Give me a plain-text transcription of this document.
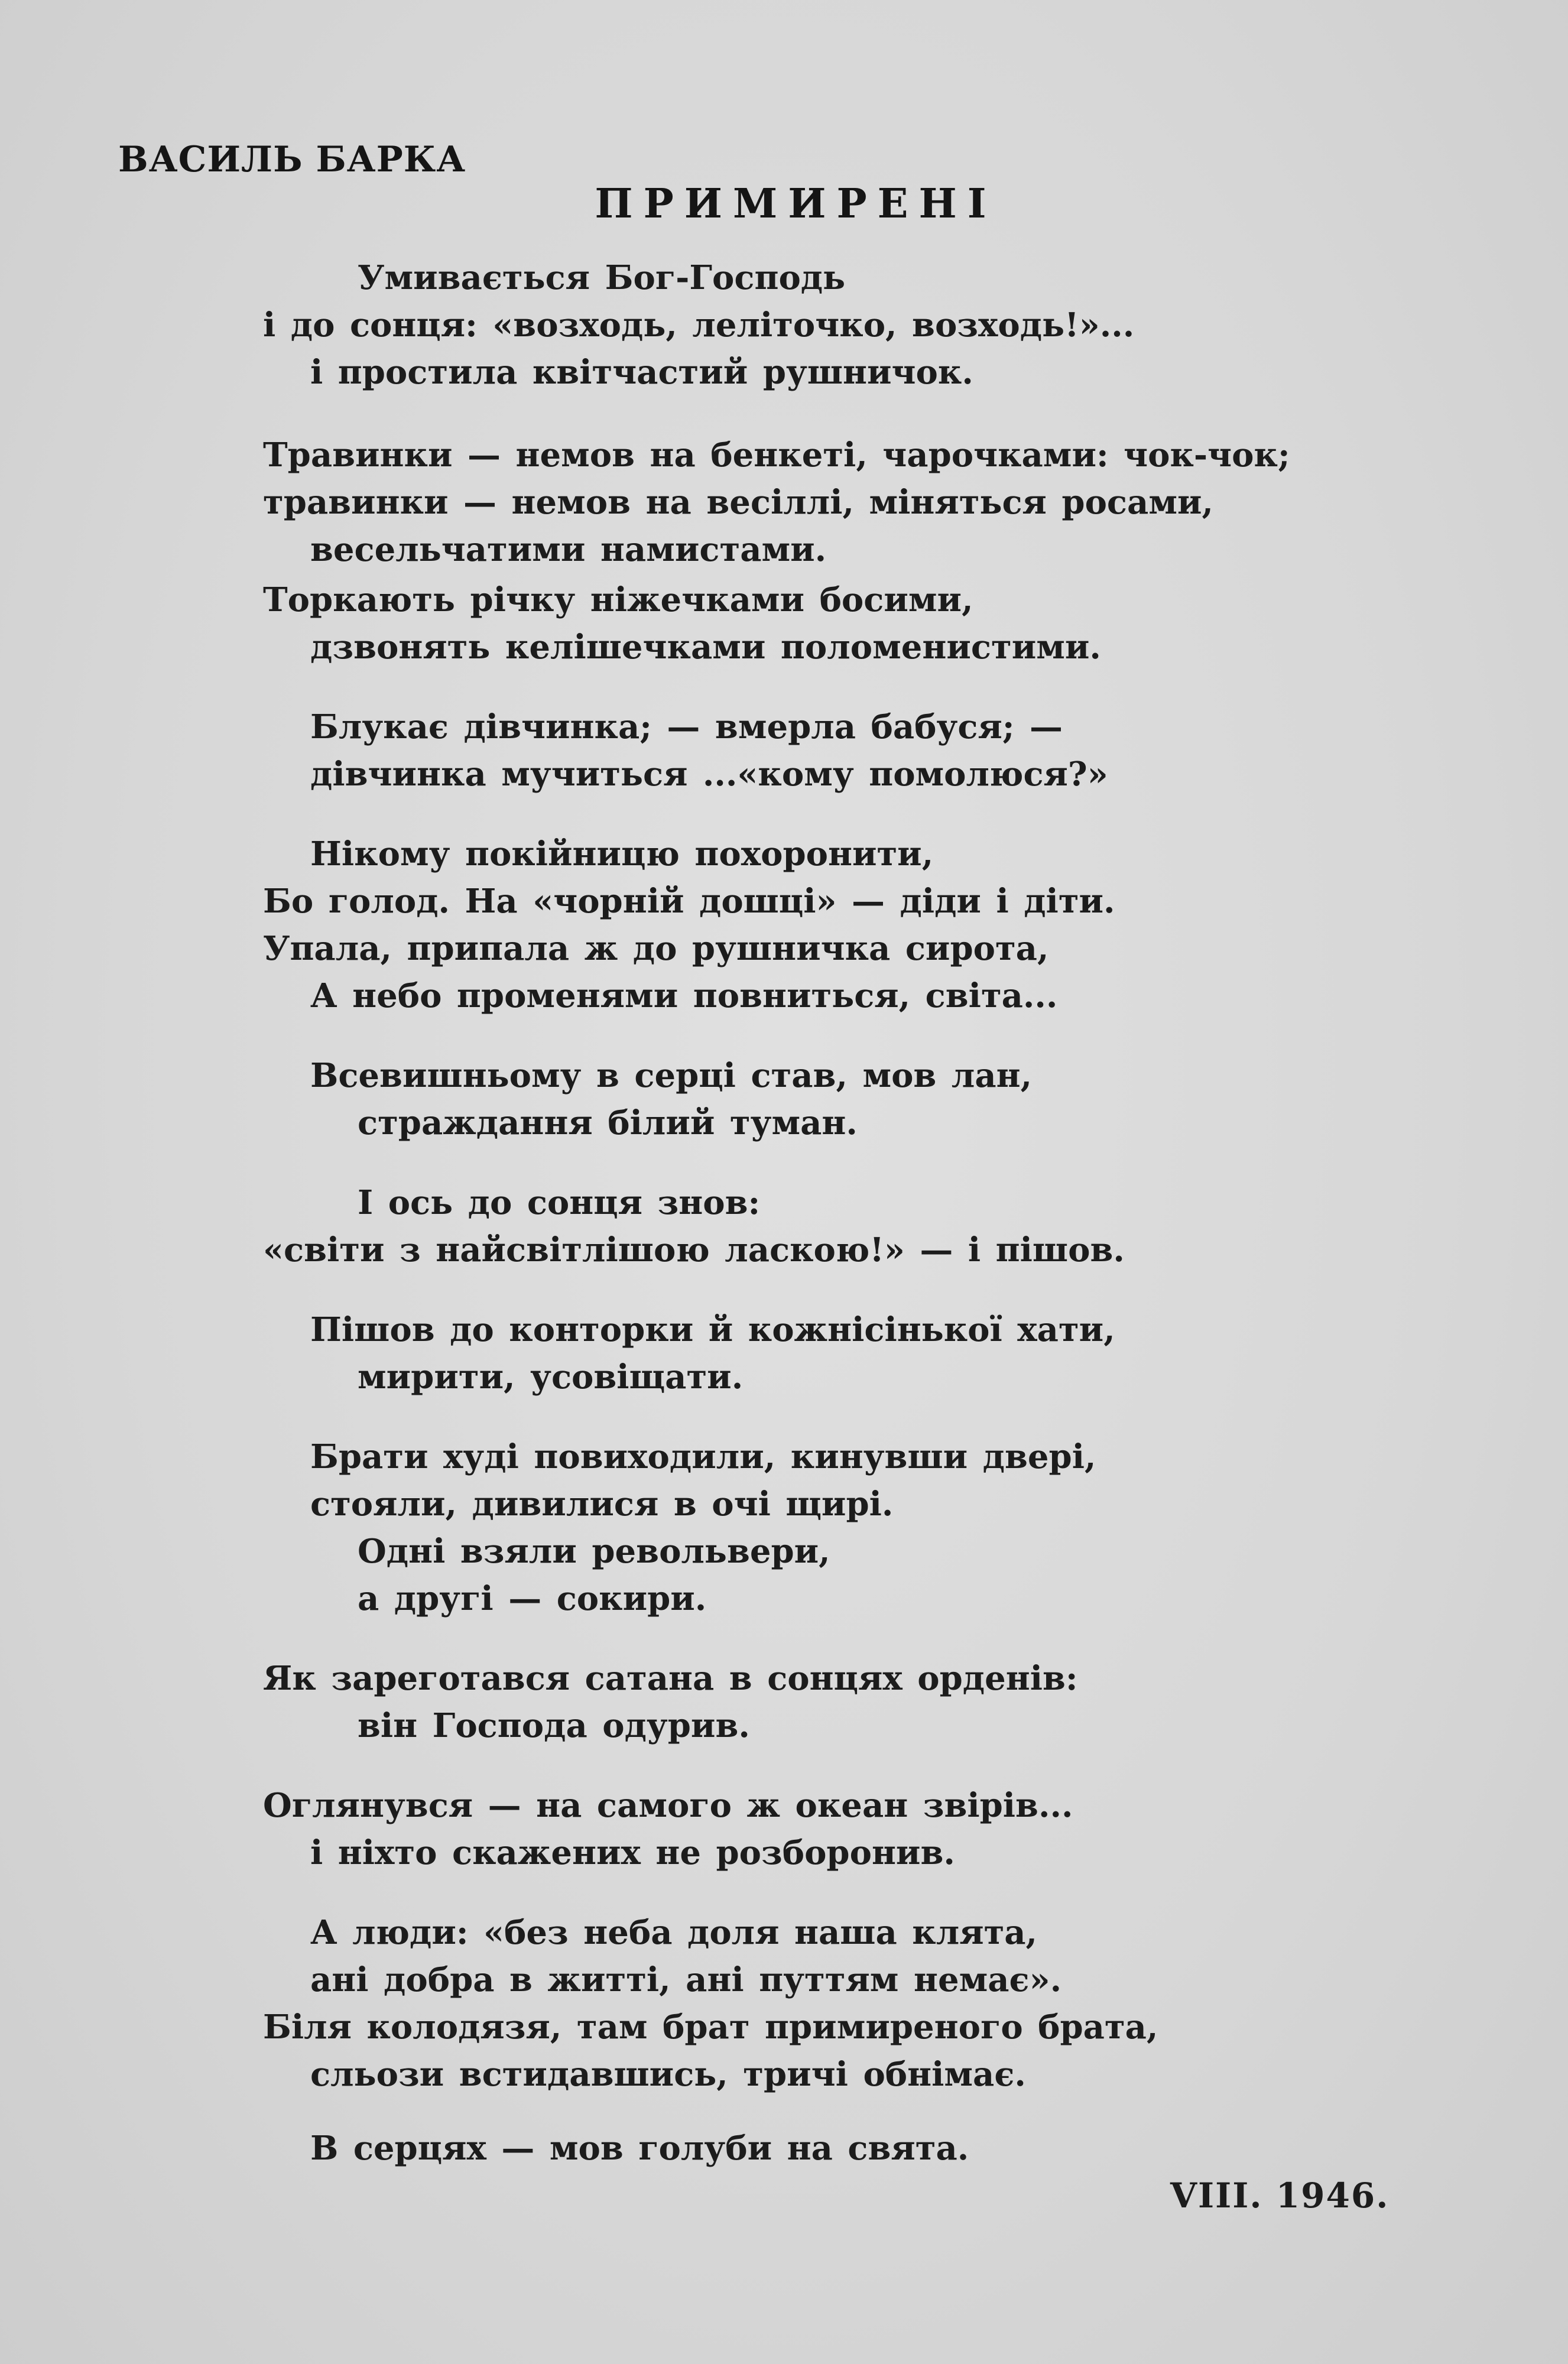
ВАСИЛЬ БАРКА
ПРИМИРЕНІ
Умивається Бог-Господь
і до сонця: «возходь, леліточко, возходь!»...
і простила квітчастий рушничок.
Травинки — немов на бенкеті, чарочками: чок-чок;
травинки — немов на весіллі, міняться росами,
весельчатими намистами.
Торкають річку ніжечками босими,
дзвонять келішечками поломенистими.
Блукає дівчинка; — вмерла бабуся; —
дівчинка мучиться ...«кому помолюся?»
Нікому покійницю похоронити,
Бо голод. На «чорній дошці» — діди і діти.
Упала, припала ж до рушничка сирота,
А небо променями повниться, світа...
Всевишньому в серці став, мов лан,
страждання білий туман.
І ось до сонця знов:
«світи з найсвітлішою ласкою!» — і пішов.
Пішов до конторки й кожнісінької хати,
мирити, усовіщати.
Брати худі повиходили, кинувши двері,
стояли, дивилися в очі щирі.
Одні взяли револьвери,
а другі — сокири.
Як зареготався сатана в сонцях орденів:
він Господа одурив.
Оглянувся — на самого ж океан звірів...
і ніхто скажених не розборонив.
А люди: «без неба доля наша клята,
ані добра в житті, ані путтям немає».
Біля колодязя, там брат примиреного брата,
сльози встидавшись, тричі обнімає.
В серцях — мов голуби на свята.
VIII. 1946.
